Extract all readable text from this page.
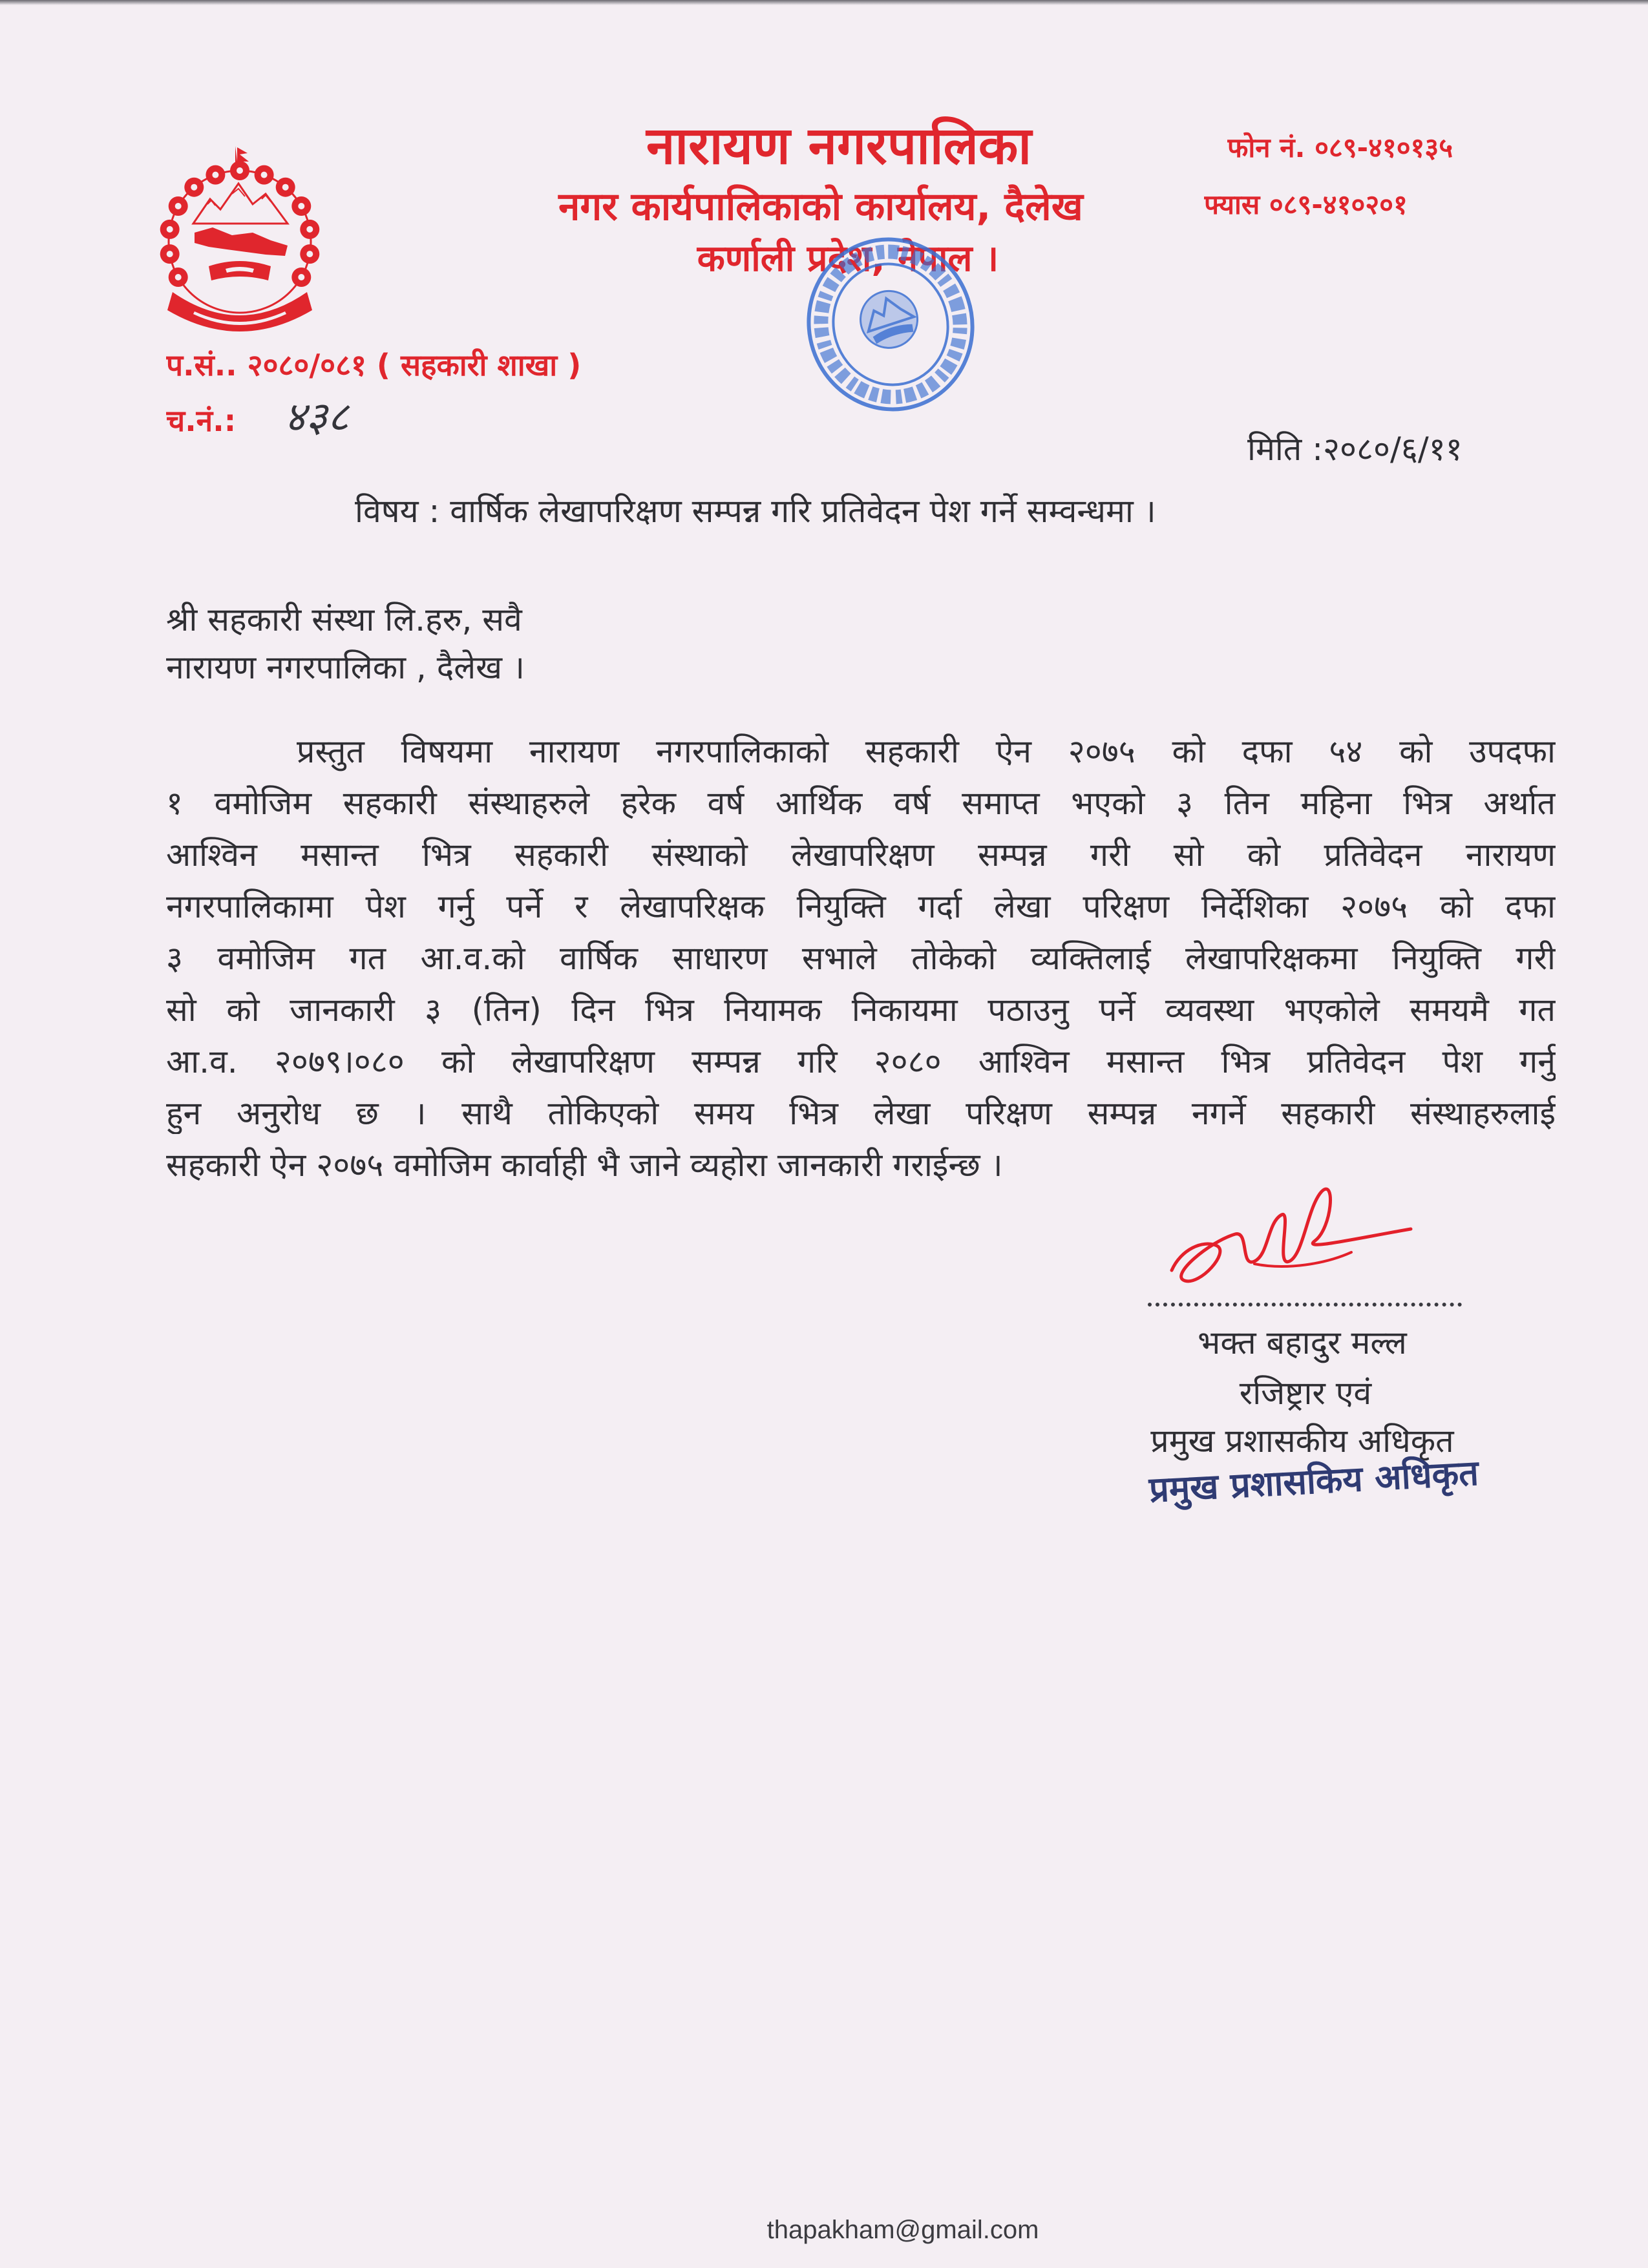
नारायण नगरपालिका
नगर कार्यपालिकाको कार्यालय, दैलेख
कर्णाली प्रदेश, नेपाल ।
फोन नं. ०८९-४१०१३५
फ्यास ०८९-४१०२०१
प.सं.. २०८०/०८१ ( सहकारी शाखा )
च.नं.:	४३८
मिति :२०८०/६/११
विषय : वार्षिक लेखापरिक्षण सम्पन्न गरि प्रतिवेदन पेश गर्ने सम्वन्धमा ।
श्री सहकारी संस्था लि.हरु, सवै
नारायण नगरपालिका , दैलेख ।
प्रस्तुत विषयमा नारायण नगरपालिकाको सहकारी ऐन २०७५ को दफा ५४ को उपदफा
१ वमोजिम सहकारी संस्थाहरुले हरेक वर्ष आर्थिक वर्ष समाप्त भएको ३ तिन महिना भित्र अर्थात
आश्विन मसान्त भित्र सहकारी संस्थाको लेखापरिक्षण सम्पन्न गरी सो को प्रतिवेदन नारायण
नगरपालिकामा पेश गर्नु पर्ने र लेखापरिक्षक नियुक्ति गर्दा लेखा परिक्षण निर्देशिका २०७५ को दफा
३ वमोजिम गत आ.व.को वार्षिक साधारण सभाले तोकेको व्यक्तिलाई लेखापरिक्षकमा नियुक्ति गरी
सो को जानकारी ३ (तिन) दिन भित्र नियामक निकायमा पठाउनु पर्ने व्यवस्था भएकोले समयमै गत
आ.व. २०७९।०८० को लेखापरिक्षण सम्पन्न गरि २०८० आश्विन मसान्त भित्र प्रतिवेदन पेश गर्नु
हुन अनुरोध छ । साथै तोकिएको समय भित्र लेखा परिक्षण सम्पन्न नगर्ने सहकारी संस्थाहरुलाई
सहकारी ऐन २०७५ वमोजिम कार्वाही भै जाने व्यहोरा जानकारी गराईन्छ ।
भक्त बहादुर मल्ल
रजिष्ट्रार एवं
प्रमुख प्रशासकीय अधिकृत
प्रमुख प्रशासकिय अधिकृत
thapakham@gmail.com
